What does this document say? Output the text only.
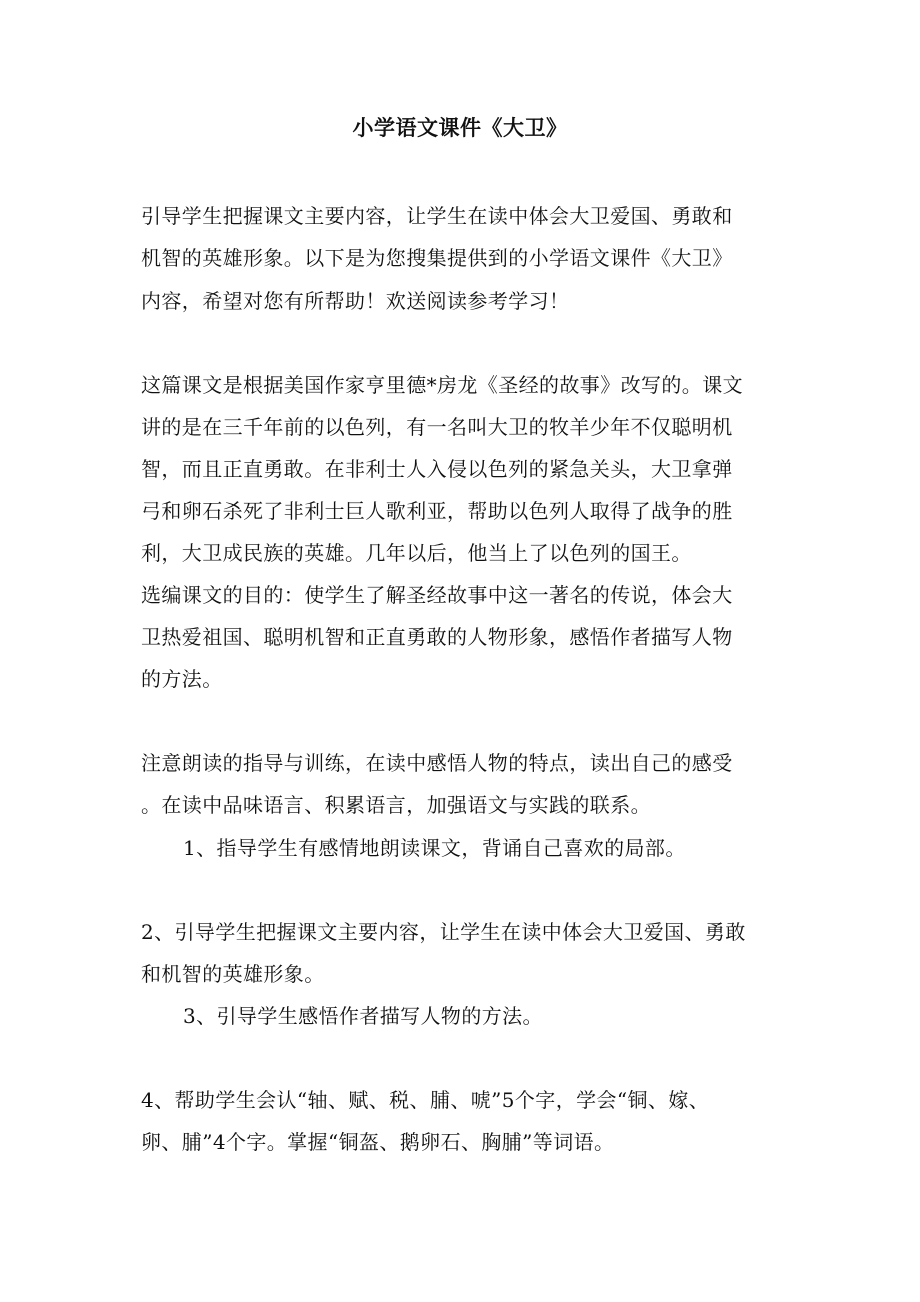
小学语文课件《大卫》
引导学生把握课文主要内容，让学生在读中体会大卫爱国、勇敢和
机智的英雄形象。以下是为您搜集提供到的小学语文课件《大卫》
内容，希望对您有所帮助！欢送阅读参考学习！
这篇课文是根据美国作家亨里德*房龙《圣经的故事》改写的。课文
讲的是在三千年前的以色列，有一名叫大卫的牧羊少年不仅聪明机
智，而且正直勇敢。在非利士人入侵以色列的紧急关头，大卫拿弹
弓和卵石杀死了非利士巨人歌利亚，帮助以色列人取得了战争的胜
利，大卫成民族的英雄。几年以后，他当上了以色列的国王。
选编课文的目的：使学生了解圣经故事中这一著名的传说，体会大
卫热爱祖国、聪明机智和正直勇敢的人物形象，感悟作者描写人物
的方法。
注意朗读的指导与训练，在读中感悟人物的特点，读出自己的感受
。在读中品味语言、积累语言，加强语文与实践的联系。
1、指导学生有感情地朗读课文，背诵自己喜欢的局部。
2、引导学生把握课文主要内容，让学生在读中体会大卫爱国、勇敢
和机智的英雄形象。
3、引导学生感悟作者描写人物的方法。
4、帮助学生会认“轴、赋、税、脯、唬”5个字，学会“铜、嫁、
卵、脯”4个字。掌握“铜盔、鹅卵石、胸脯”等词语。
